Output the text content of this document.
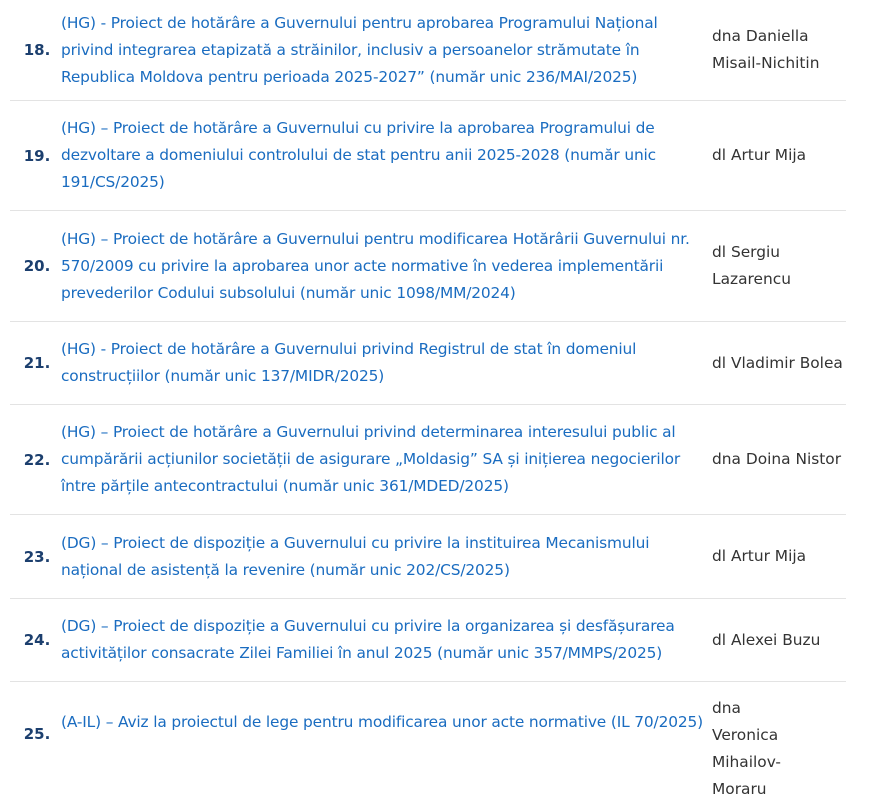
18.
(HG) - Proiect de hotărâre a Guvernului pentru aprobarea Programului Național privind integrarea etapizată a străinilor, inclusiv a persoanelor strămutate în Republica Moldova pentru perioada 2025-2027” (număr unic 236/MAI/2025)
dna Daniella Misail-Nichitin
19.
(HG) – Proiect de hotărâre a Guvernului cu privire la aprobarea Programului de dezvoltare a domeniului controlului de stat pentru anii 2025-2028 (număr unic 191/CS/2025)
dl Artur Mija
20.
(HG) – Proiect de hotărâre a Guvernului pentru modificarea Hotărârii Guvernului nr. 570/2009 cu privire la aprobarea unor acte normative în vederea implementării prevederilor Codului subsolului (număr unic 1098/MM/2024)
dl Sergiu Lazarencu
21.
(HG) - Proiect de hotărâre a Guvernului privind Registrul de stat în domeniul construcțiilor (număr unic 137/MIDR/2025)
dl Vladimir Bolea
22.
(HG) – Proiect de hotărâre a Guvernului privind determinarea interesului public al cumpărării acțiunilor societății de asigurare „Moldasig” SA și inițierea negocierilor între părțile antecontractului (număr unic 361/MDED/2025)
dna Doina Nistor
23.
(DG) – Proiect de dispoziție a Guvernului cu privire la instituirea Mecanismului național de asistență la revenire (număr unic 202/CS/2025)
dl Artur Mija
24.
(DG) – Proiect de dispoziție a Guvernului cu privire la organizarea și desfășurarea activităților consacrate Zilei Familiei în anul 2025 (număr unic 357/MMPS/2025)
dl Alexei Buzu
25.
(A-IL) – Aviz la proiectul de lege pentru modificarea unor acte normative (IL 70/2025)
dna Veronica Mihailov-Moraru
